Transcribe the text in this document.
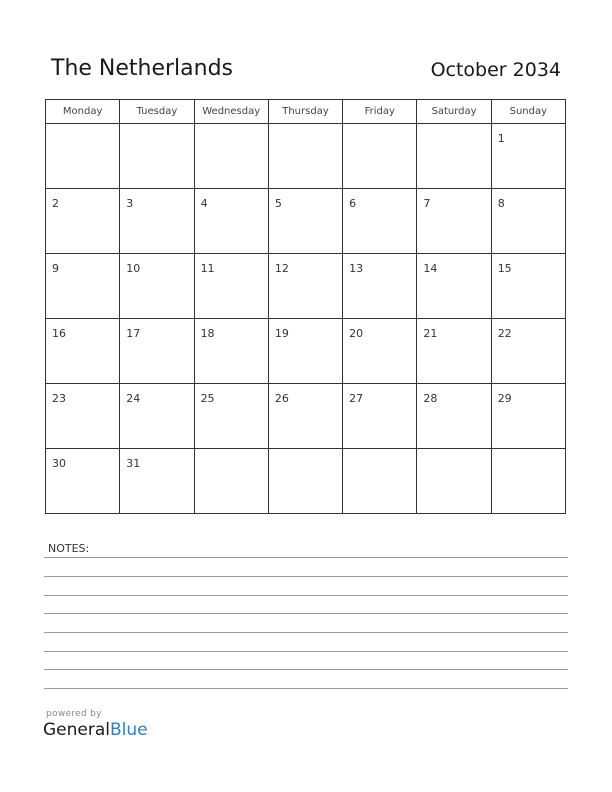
The Netherlands	October 2034
Monday	Tuesday	Wednesday	Thursday	Friday	Saturday	Sunday

						1

2	3	4	5	6	7	8

9	10	11	12	13	14	15

16	17	18	19	20	21	22

23	24	25	26	27	28	29

30	31					

NOTES:
powered by
GeneralBlue
